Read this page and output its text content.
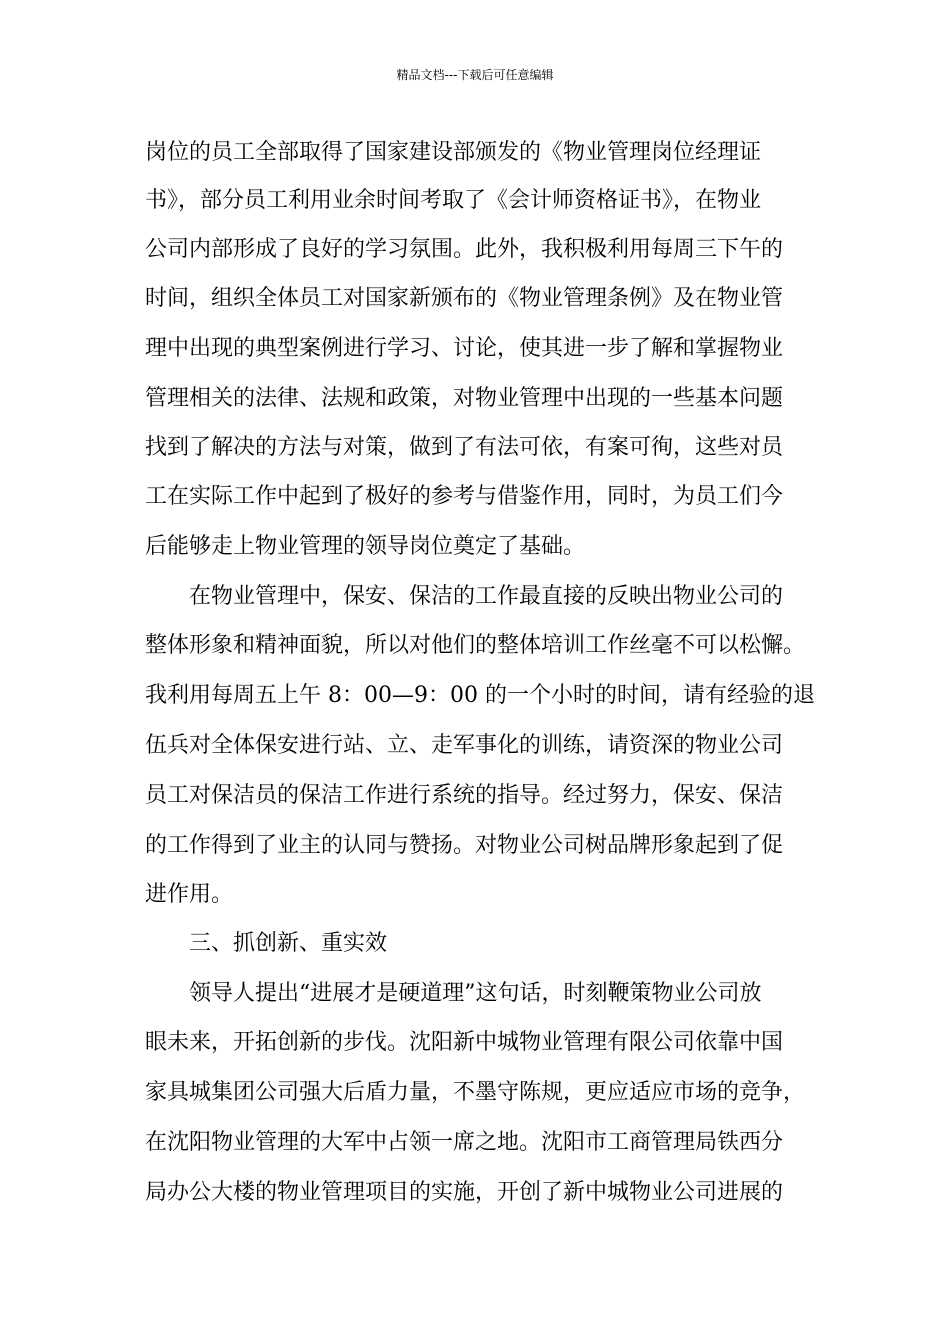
精品文档---下载后可任意编辑
岗位的员工全部取得了国家建设部颁发的《物业管理岗位经理证
书》，部分员工利用业余时间考取了《会计师资格证书》，在物业
公司内部形成了良好的学习氛围。此外，我积极利用每周三下午的
时间，组织全体员工对国家新颁布的《物业管理条例》及在物业管
理中出现的典型案例进行学习、讨论，使其进一步了解和掌握物业
管理相关的法律、法规和政策，对物业管理中出现的一些基本问题
找到了解决的方法与对策，做到了有法可依，有案可徇，这些对员
工在实际工作中起到了极好的参考与借鉴作用，同时，为员工们今
后能够走上物业管理的领导岗位奠定了基础。
　　在物业管理中，保安、保洁的工作最直接的反映出物业公司的
整体形象和精神面貌，所以对他们的整体培训工作丝毫不可以松懈。
我利用每周五上午 8：00—9：00 的一个小时的时间，请有经验的退
伍兵对全体保安进行站、立、走军事化的训练，请资深的物业公司
员工对保洁员的保洁工作进行系统的指导。经过努力，保安、保洁
的工作得到了业主的认同与赞扬。对物业公司树品牌形象起到了促
进作用。
　　三、抓创新、重实效
　　领导人提出“进展才是硬道理”这句话，时刻鞭策物业公司放
眼未来，开拓创新的步伐。沈阳新中城物业管理有限公司依靠中国
家具城集团公司强大后盾力量，不墨守陈规，更应适应市场的竞争，
在沈阳物业管理的大军中占领一席之地。沈阳市工商管理局铁西分
局办公大楼的物业管理项目的实施，开创了新中城物业公司进展的
